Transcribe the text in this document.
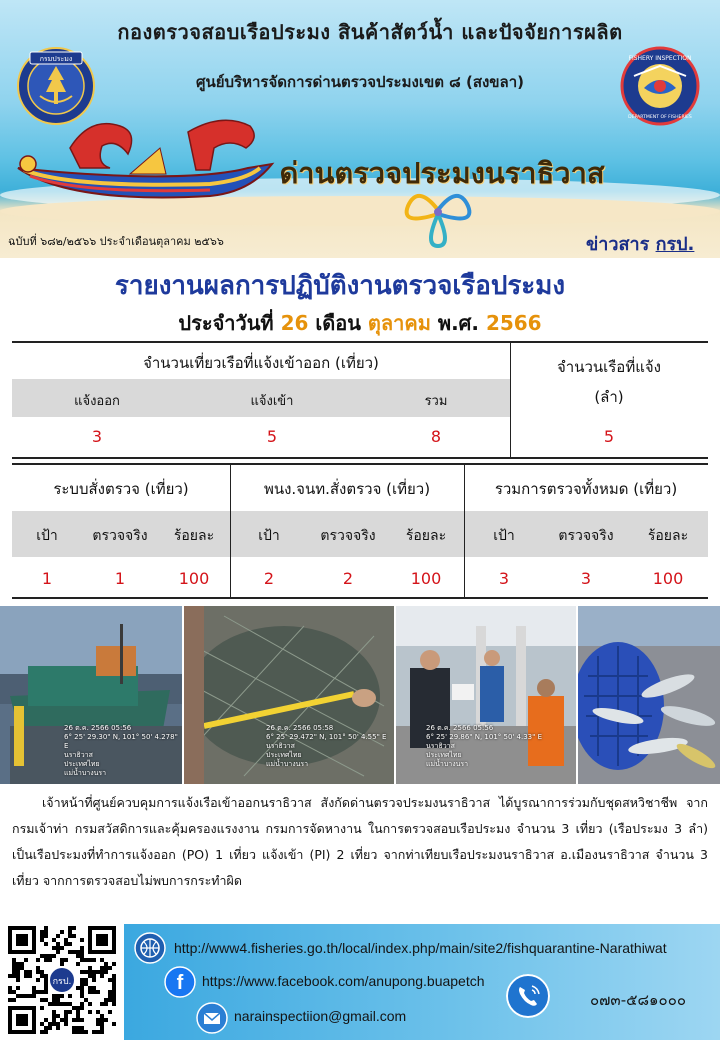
กองตรวจสอบเรือประมง สินค้าสัตว์น้ำ และปัจจัยการผลิต
ศูนย์บริหารจัดการด่านตรวจประมงเขต ๘ (สงขลา)
กรมประมง	FISHERY INSPECTION
DEPARTMENT OF FISHERIES
ด่านตรวจประมงนราธิวาส
ฉบับที่ ๖๘๒/๒๕๖๖ ประจำเดือนตุลาคม ๒๕๖๖	ข่าวสาร กรป.
รายงานผลการปฏิบัติงานตรวจเรือประมง
ประจำวันที่ 26 เดือน ตุลาคม พ.ศ. 2566
จำนวนเที่ยวเรือที่แจ้งเข้าออก (เที่ยว)
แจ้งออก	แจ้งเข้า	รวม
3	5	8
จำนวนเรือที่แจ้ง
(ลำ)
5
ระบบสั่งตรวจ (เที่ยว)
เป้า	ตรวจจริง	ร้อยละ
1	1	100
พนง.จนท.สั่งตรวจ (เที่ยว)
เป้า	ตรวจจริง	ร้อยละ
2	2	100
รวมการตรวจทั้งหมด (เที่ยว)
เป้า	ตรวจจริง	ร้อยละ
3	3	100
26 ต.ค. 2566 05:56
6° 25' 29.30" N, 101° 50' 4.278" E
นราธิวาส
ประเทศไทย
แม่น้ำบางนรา
26 ต.ค. 2566 05:58
6° 25' 29.472" N, 101° 50' 4.55" E
นราธิวาส
ประเทศไทย
แม่น้ำบางนรา
26 ต.ค. 2566 05:56
6° 25' 29.86" N, 101° 50' 4.33" E
นราธิวาส
ประเทศไทย
แม่น้ำบางนรา
เจ้าหน้าที่ศูนย์ควบคุมการแจ้งเรือเข้าออกนราธิวาส สังกัดด่านตรวจประมงนราธิวาส ได้บูรณาการร่วมกับชุดสหวิชาชีพ จากกรมเจ้าท่า กรมสวัสดิการและคุ้มครองแรงงาน กรมการจัดหางาน ในการตรวจสอบเรือประมง จำนวน 3 เที่ยว (เรือประมง 3 ลำ) เป็นเรือประมงที่ทำการแจ้งออก (PO) 1 เที่ยว แจ้งเข้า (PI) 2 เที่ยว จากท่าเทียบเรือประมงนราธิวาส อ.เมืองนราธิวาส จำนวน 3 เที่ยว จากการตรวจสอบไม่พบการกระทำผิด
กรป.
http://www4.fisheries.go.th/local/index.php/main/site2/fishquarantine-Narathiwat
f https://www.facebook.com/anupong.buapetch
narainspectiion@gmail.com
๐๗๓-๕๘๑๐๐๐
